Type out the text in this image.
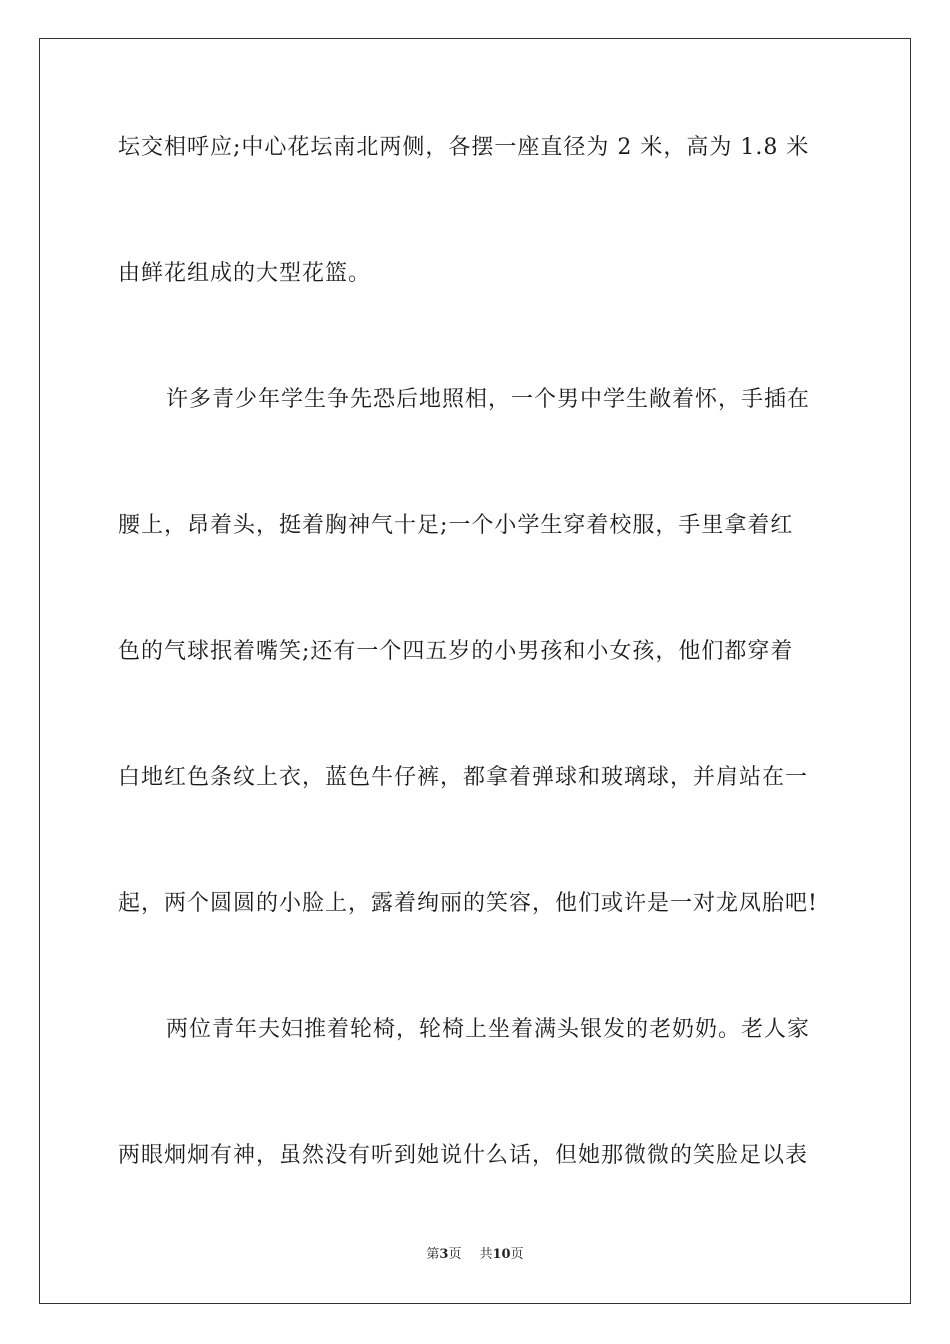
坛交相呼应;中心花坛南北两侧，各摆一座直径为 2 米，高为 1.8 米
由鲜花组成的大型花篮。
许多青少年学生争先恐后地照相，一个男中学生敞着怀，手插在
腰上，昂着头，挺着胸神气十足;一个小学生穿着校服，手里拿着红
色的气球抿着嘴笑;还有一个四五岁的小男孩和小女孩，他们都穿着
白地红色条纹上衣，蓝色牛仔裤，都拿着弹球和玻璃球，并肩站在一
起，两个圆圆的小脸上，露着绚丽的笑容，他们或许是一对龙凤胎吧!
两位青年夫妇推着轮椅，轮椅上坐着满头银发的老奶奶。老人家
两眼炯炯有神，虽然没有听到她说什么话，但她那微微的笑脸足以表
第3页 共10页
